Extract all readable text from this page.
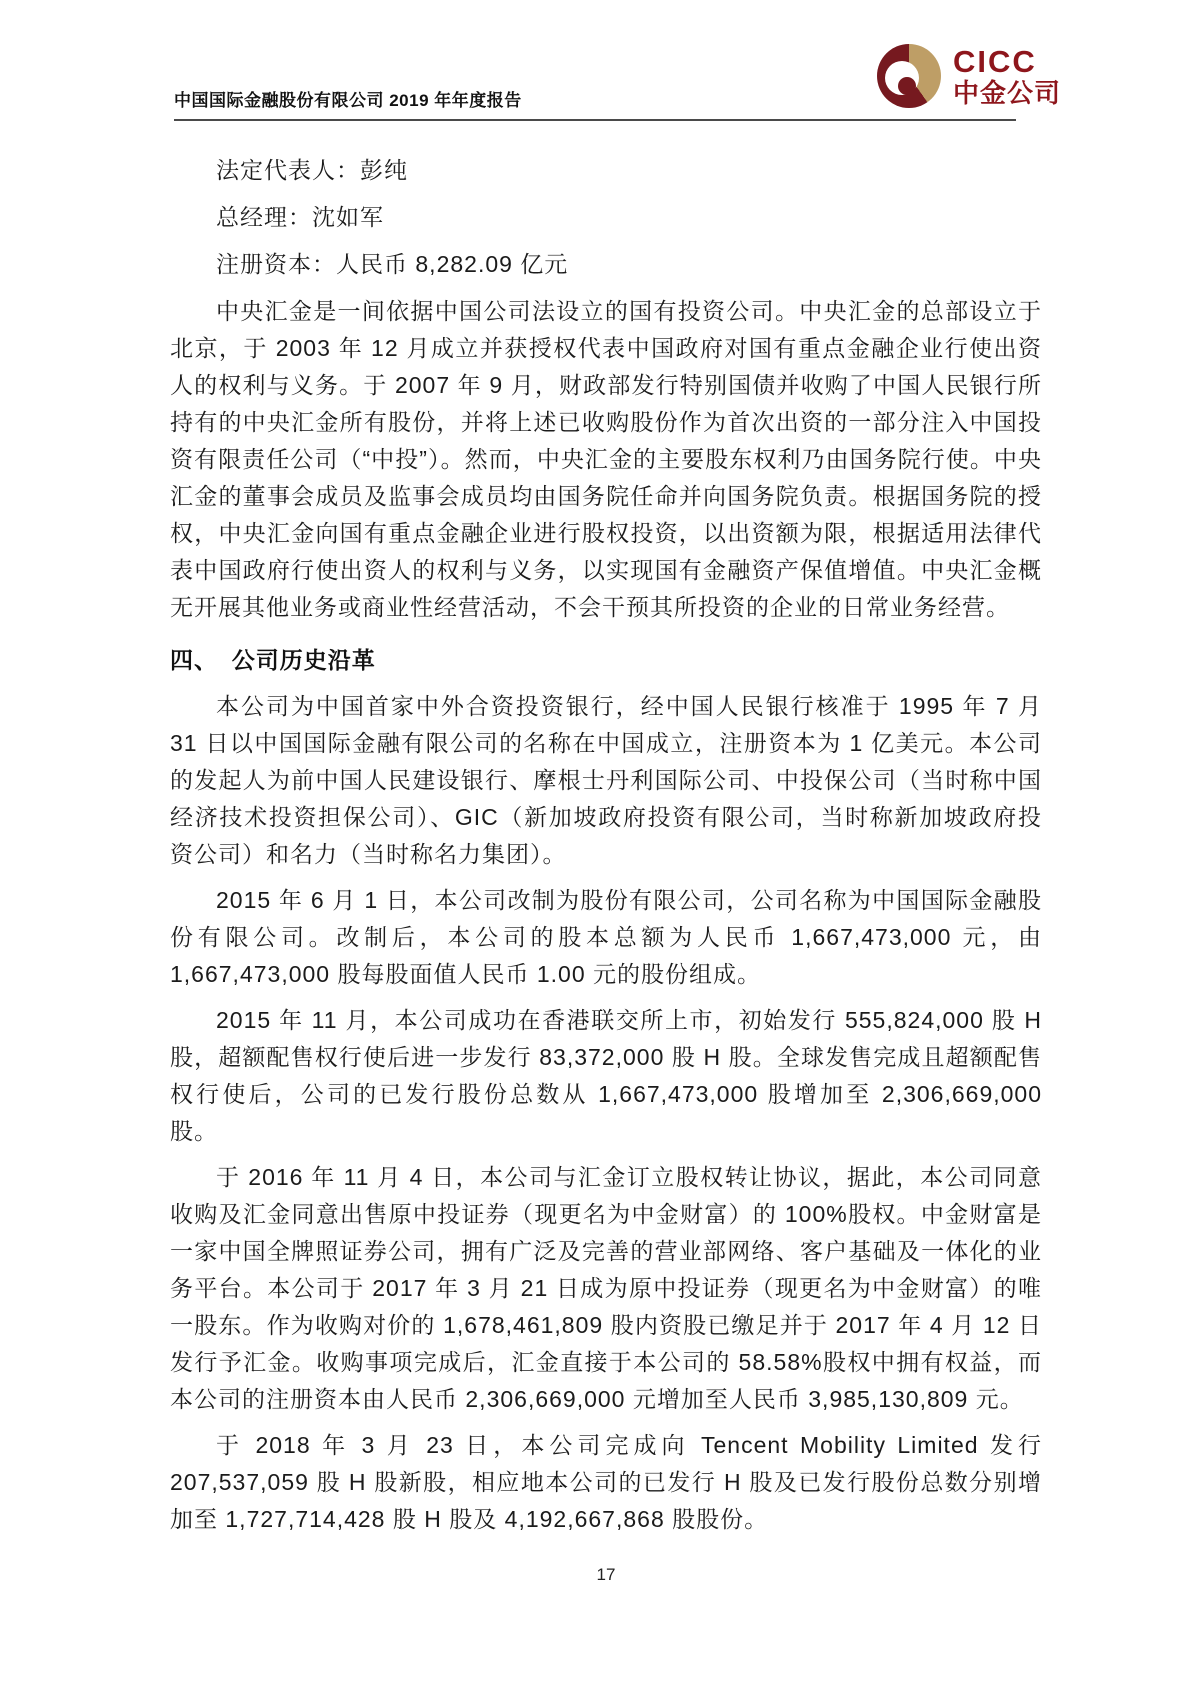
中国国际金融股份有限公司 2019 年年度报告
CICC
中金公司
法定代表人：彭纯
总经理：沈如军
注册资本：人民币 8,282.09 亿元

中央汇金是一间依据中国公司法设立的国有投资公司。中央汇金的总部设立于北京，于 2003 年 12 月成立并获授权代表中国政府对国有重点金融企业行使出资人的权利与义务。于 2007 年 9 月，财政部发行特别国债并收购了中国人民银行所持有的中央汇金所有股份，并将上述已收购股份作为首次出资的一部分注入中国投资有限责任公司（“中投”）。然而，中央汇金的主要股东权利乃由国务院行使。中央汇金的董事会成员及监事会成员均由国务院任命并向国务院负责。根据国务院的授权，中央汇金向国有重点金融企业进行股权投资，以出资额为限，根据适用法律代表中国政府行使出资人的权利与义务，以实现国有金融资产保值增值。中央汇金概无开展其他业务或商业性经营活动，不会干预其所投资的企业的日常业务经营。

四、 公司历史沿革

本公司为中国首家中外合资投资银行，经中国人民银行核准于 1995 年 7 月 31 日以中国国际金融有限公司的名称在中国成立，注册资本为 1 亿美元。本公司的发起人为前中国人民建设银行、摩根士丹利国际公司、中投保公司（当时称中国经济技术投资担保公司）、GIC（新加坡政府投资有限公司，当时称新加坡政府投资公司）和名力（当时称名力集团）。

2015 年 6 月 1 日，本公司改制为股份有限公司，公司名称为中国国际金融股份有限公司。改制后，本公司的股本总额为人民币 1,667,473,000 元，由 1,667,473,000 股每股面值人民币 1.00 元的股份组成。

2015 年 11 月，本公司成功在香港联交所上市，初始发行 555,824,000 股 H 股，超额配售权行使后进一步发行 83,372,000 股 H 股。全球发售完成且超额配售权行使后，公司的已发行股份总数从 1,667,473,000 股增加至 2,306,669,000 股。

于 2016 年 11 月 4 日，本公司与汇金订立股权转让协议，据此，本公司同意收购及汇金同意出售原中投证券（现更名为中金财富）的 100%股权。中金财富是一家中国全牌照证券公司，拥有广泛及完善的营业部网络、客户基础及一体化的业务平台。本公司于 2017 年 3 月 21 日成为原中投证券（现更名为中金财富）的唯一股东。作为收购对价的 1,678,461,809 股内资股已缴足并于 2017 年 4 月 12 日发行予汇金。收购事项完成后，汇金直接于本公司的 58.58%股权中拥有权益，而本公司的注册资本由人民币 2,306,669,000 元增加至人民币 3,985,130,809 元。

于 2018 年 3 月 23 日，本公司完成向 Tencent Mobility Limited 发行 207,537,059 股 H 股新股，相应地本公司的已发行 H 股及已发行股份总数分别增加至 1,727,714,428 股 H 股及 4,192,667,868 股股份。

17
